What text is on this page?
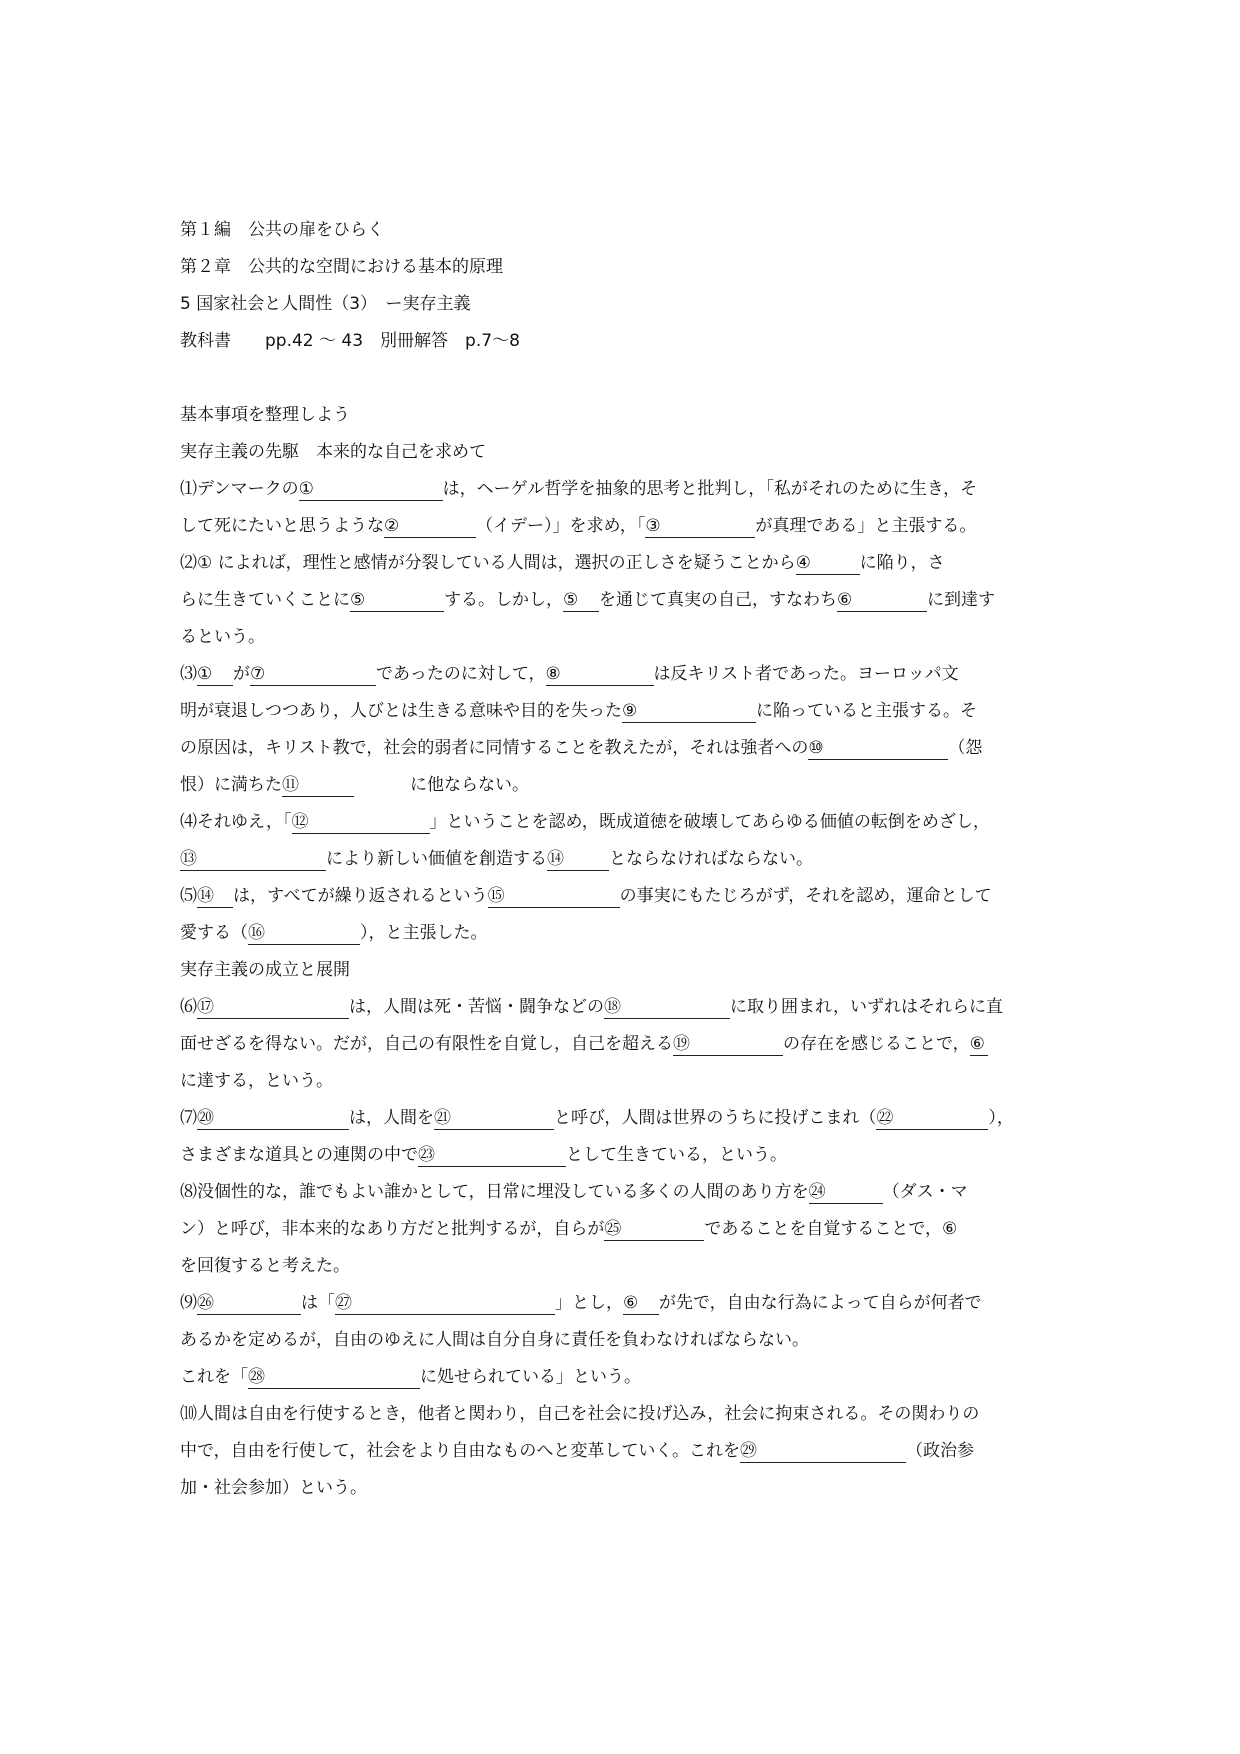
第１編　公共の扉をひらく
第２章　公共的な空間における基本的原理
5 国家社会と人間性（3）　ー実存主義
教科書　　pp.42 ～ 43　別冊解答　p.7～8
基本事項を整理しよう
実存主義の先駆　本来的な自己を求めて
⑴デンマークの①	は，ヘーゲル哲学を抽象的思考と批判し，「私がそれのために生き，そ
して死にたいと思うような②	（イデー）」を求め，「③	が真理である」と主張する。
⑵① によれば，理性と感情が分裂している人間は，選択の正しさを疑うことから④	に陥り，さ
らに生きていくことに⑤	する。しかし，⑤ を通じて真実の自己，すなわち⑥	に到達す
るという。
⑶① が⑦	であったのに対して，⑧	は反キリスト者であった。ヨーロッパ文
明が衰退しつつあり，人びとは生きる意味や目的を失った⑨	に陥っていると主張する。そ
の原因は，キリスト教で，社会的弱者に同情することを教えたが，それは強者への⑩	（怨
恨）に満ちた⑪	に他ならない。
⑷それゆえ，「⑫	」ということを認め，既成道徳を破壊してあらゆる価値の転倒をめざし，
⑬	により新しい価値を創造する⑭	とならなければならない。
⑸⑭ は，すべてが繰り返されるという⑮	の事実にもたじろがず，それを認め，運命として
愛する（⑯	），と主張した。
実存主義の成立と展開
⑹⑰	は，人間は死・苦悩・闘争などの⑱	に取り囲まれ，いずれはそれらに直
面せざるを得ない。だが，自己の有限性を自覚し，自己を超える⑲	の存在を感じることで，⑥
に達する，という。
⑺⑳	は，人間を㉑	と呼び，人間は世界のうちに投げこまれ（㉒	），
さまざまな道具との連関の中で㉓	として生きている，という。
⑻没個性的な，誰でもよい誰かとして，日常に埋没している多くの人間のあり方を㉔	（ダス・マ
ン）と呼び，非本来的なあり方だと批判するが，自らが㉕	であることを自覚することで，⑥
を回復すると考えた。
⑼㉖	は「㉗	」とし，⑥ が先で，自由な行為によって自らが何者で
あるかを定めるが，自由のゆえに人間は自分自身に責任を負わなければならない。
これを「㉘	に処せられている」という。
⑽人間は自由を行使するとき，他者と関わり，自己を社会に投げ込み，社会に拘束される。その関わりの
中で，自由を行使して，社会をより自由なものへと変革していく。これを㉙	（政治参
加・社会参加）という。
